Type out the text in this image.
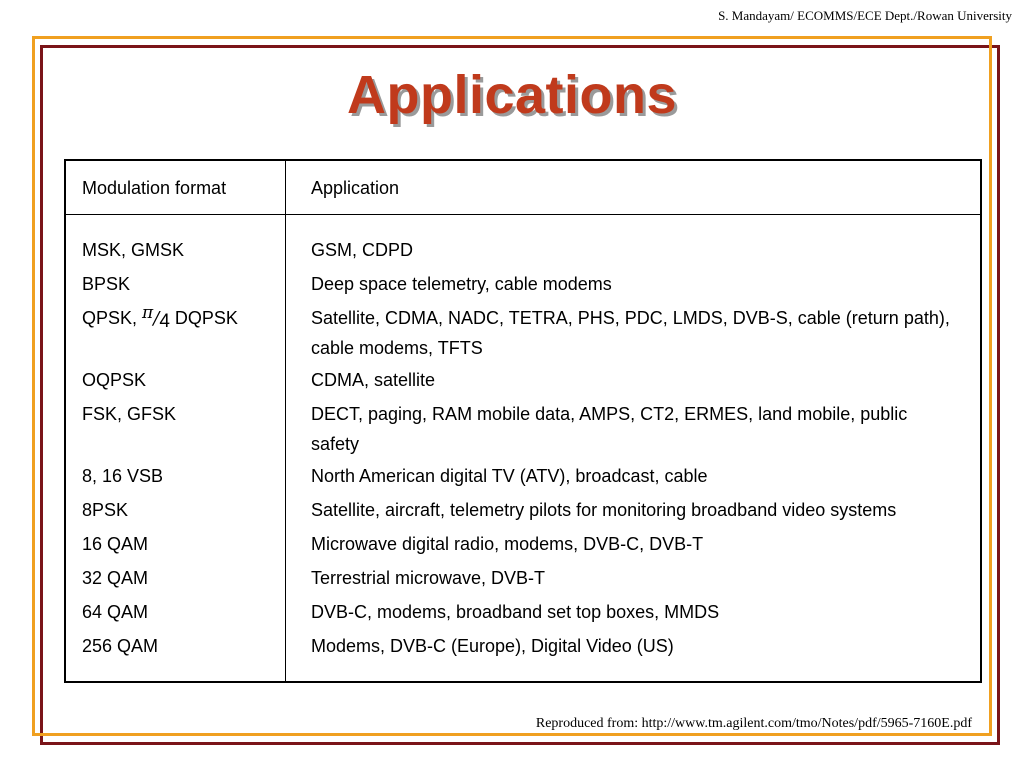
S. Mandayam/ ECOMMS/ECE Dept./Rowan University
Applications
Modulation format	Application
MSK, GMSK	GSM, CDPD
BPSK	Deep space telemetry, cable modems
QPSK, π/4 DQPSK	Satellite, CDMA, NADC, TETRA, PHS, PDC, LMDS, DVB-S, cable (return path), cable modems, TFTS
OQPSK	CDMA, satellite
FSK, GFSK	DECT, paging, RAM mobile data, AMPS, CT2, ERMES, land mobile, public safety
8, 16 VSB	North American digital TV (ATV), broadcast, cable
8PSK	Satellite, aircraft, telemetry pilots for monitoring broadband video systems
16 QAM	Microwave digital radio, modems, DVB-C, DVB-T
32 QAM	Terrestrial microwave, DVB-T
64 QAM	DVB-C, modems, broadband set top boxes, MMDS
256 QAM	Modems, DVB-C (Europe), Digital Video (US)
Reproduced from: http://www.tm.agilent.com/tmo/Notes/pdf/5965-7160E.pdf
